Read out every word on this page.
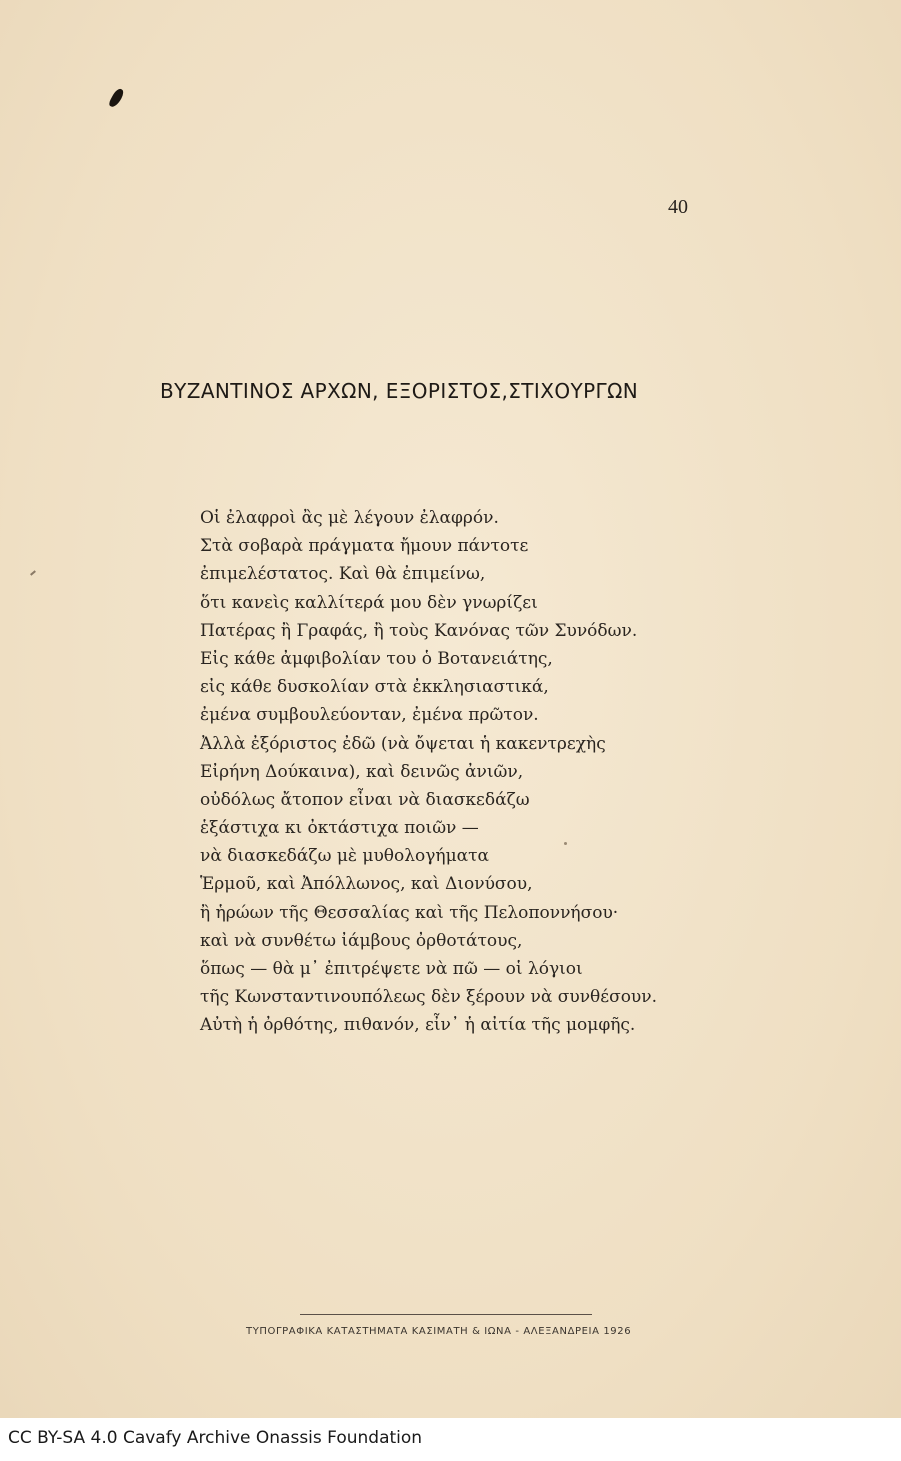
40
ΒΥΖΑΝΤΙΝΟΣ ΑΡΧΩΝ, ΕΞΟΡΙΣΤΟΣ,ΣΤΙΧΟΥΡΓΩΝ
Οἱ ἐλαφροὶ ἂς μὲ λέγουν ἐλαφρόν.
Στὰ σοβαρὰ πράγματα ἤμουν πάντοτε
ἐπιμελέστατος. Καὶ θὰ ἐπιμείνω,
ὅτι κανεὶς καλλίτερά μου δὲν γνωρίζει
Πατέρας ἢ Γραφάς, ἢ τοὺς Κανόνας τῶν Συνόδων.
Εἰς κάθε ἀμφιβολίαν του ὁ Βοτανειάτης,
εἰς κάθε δυσκολίαν στὰ ἐκκλησιαστικά,
ἐμένα συμβουλεύονταν, ἐμένα πρῶτον.
Ἀλλὰ ἐξόριστος ἐδῶ (νὰ ὄψεται ἡ κακεντρεχὴς
Εἰρήνη Δούκαινα), καὶ δεινῶς ἀνιῶν,
οὐδόλως ἄτοπον εἶναι νὰ διασκεδάζω
ἑξάστιχα κι ὀκτάστιχα ποιῶν —
νὰ διασκεδάζω μὲ μυθολογήματα
Ἑρμοῦ, καὶ Ἀπόλλωνος, καὶ Διονύσου,
ἢ ἡρώων τῆς Θεσσαλίας καὶ τῆς Πελοποννήσου·
καὶ νὰ συνθέτω ἰάμβους ὀρθοτάτους,
ὅπως — θὰ μ᾽ ἐπιτρέψετε νὰ πῶ — οἱ λόγιοι
τῆς Κωνσταντινουπόλεως δὲν ξέρουν νὰ συνθέσουν.
Αὐτὴ ἡ ὀρθότης, πιθανόν, εἶν᾽ ἡ αἰτία τῆς μομφῆς.
ΤΥΠΟΓΡΑΦΙΚΑ ΚΑΤΑΣΤΗΜΑΤΑ ΚΑΣΙΜΑΤΗ & ΙΩΝΑ - ΑΛΕΞΑΝΔΡΕΙΑ 1926
CC BY-SA 4.0 Cavafy Archive Onassis Foundation
